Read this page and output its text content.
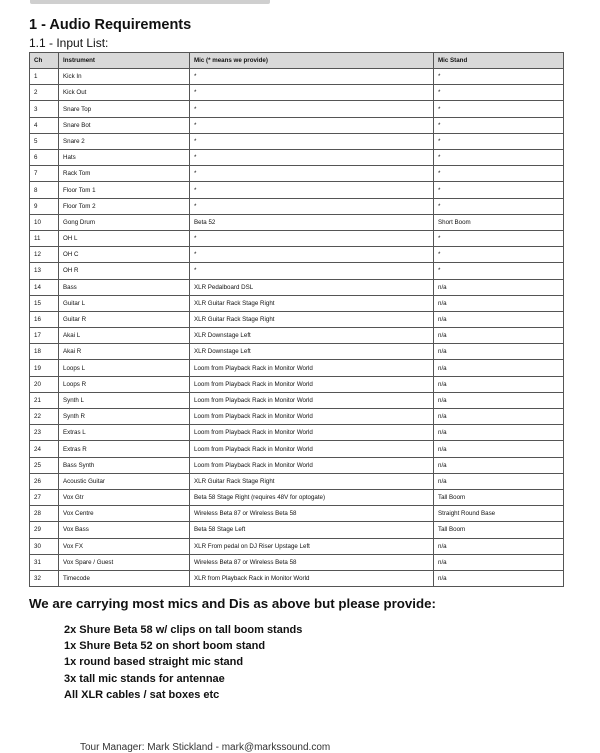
1 - Audio Requirements
1.1 - Input List:
Ch	Instrument	Mic (* means we provide)	Mic Stand
1	Kick In	*	*
2	Kick Out	*	*
3	Snare Top	*	*
4	Snare Bot	*	*
5	Snare 2	*	*
6	Hats	*	*
7	Rack Tom	*	*
8	Floor Tom 1	*	*
9	Floor Tom 2	*	*
10	Gong Drum	Beta 52	Short Boom
11	OH L	*	*
12	OH C	*	*
13	OH R	*	*
14	Bass	XLR Pedalboard DSL	n/a
15	Guitar L	XLR Guitar Rack Stage Right	n/a
16	Guitar R	XLR Guitar Rack Stage Right	n/a
17	Akai L	XLR Downstage Left	n/a
18	Akai R	XLR Downstage Left	n/a
19	Loops L	Loom from Playback Rack in Monitor World	n/a
20	Loops R	Loom from Playback Rack in Monitor World	n/a
21	Synth L	Loom from Playback Rack in Monitor World	n/a
22	Synth R	Loom from Playback Rack in Monitor World	n/a
23	Extras L	Loom from Playback Rack in Monitor World	n/a
24	Extras R	Loom from Playback Rack in Monitor World	n/a
25	Bass Synth	Loom from Playback Rack in Monitor World	n/a
26	Acoustic Guitar	XLR Guitar Rack Stage Right	n/a
27	Vox Gtr	Beta 58 Stage Right (requires 48V for optogate)	Tall Boom
28	Vox Centre	Wireless Beta 87 or Wireless Beta 58	Straight Round Base
29	Vox Bass	Beta 58 Stage Left	Tall Boom
30	Vox FX	XLR From pedal on DJ Riser Upstage Left	n/a
31	Vox Spare / Guest	Wireless Beta 87 or Wireless Beta 58	n/a
32	Timecode	XLR from Playback Rack in Monitor World	n/a

We are carrying most mics and Dis as above but please provide:

2x Shure Beta 58 w/ clips on tall boom stands
1x Shure Beta 52 on short boom stand
1x round based straight mic stand
3x tall mic stands for antennae
All XLR cables / sat boxes etc
Tour Manager: Mark Stickland - mark@markssound.com
